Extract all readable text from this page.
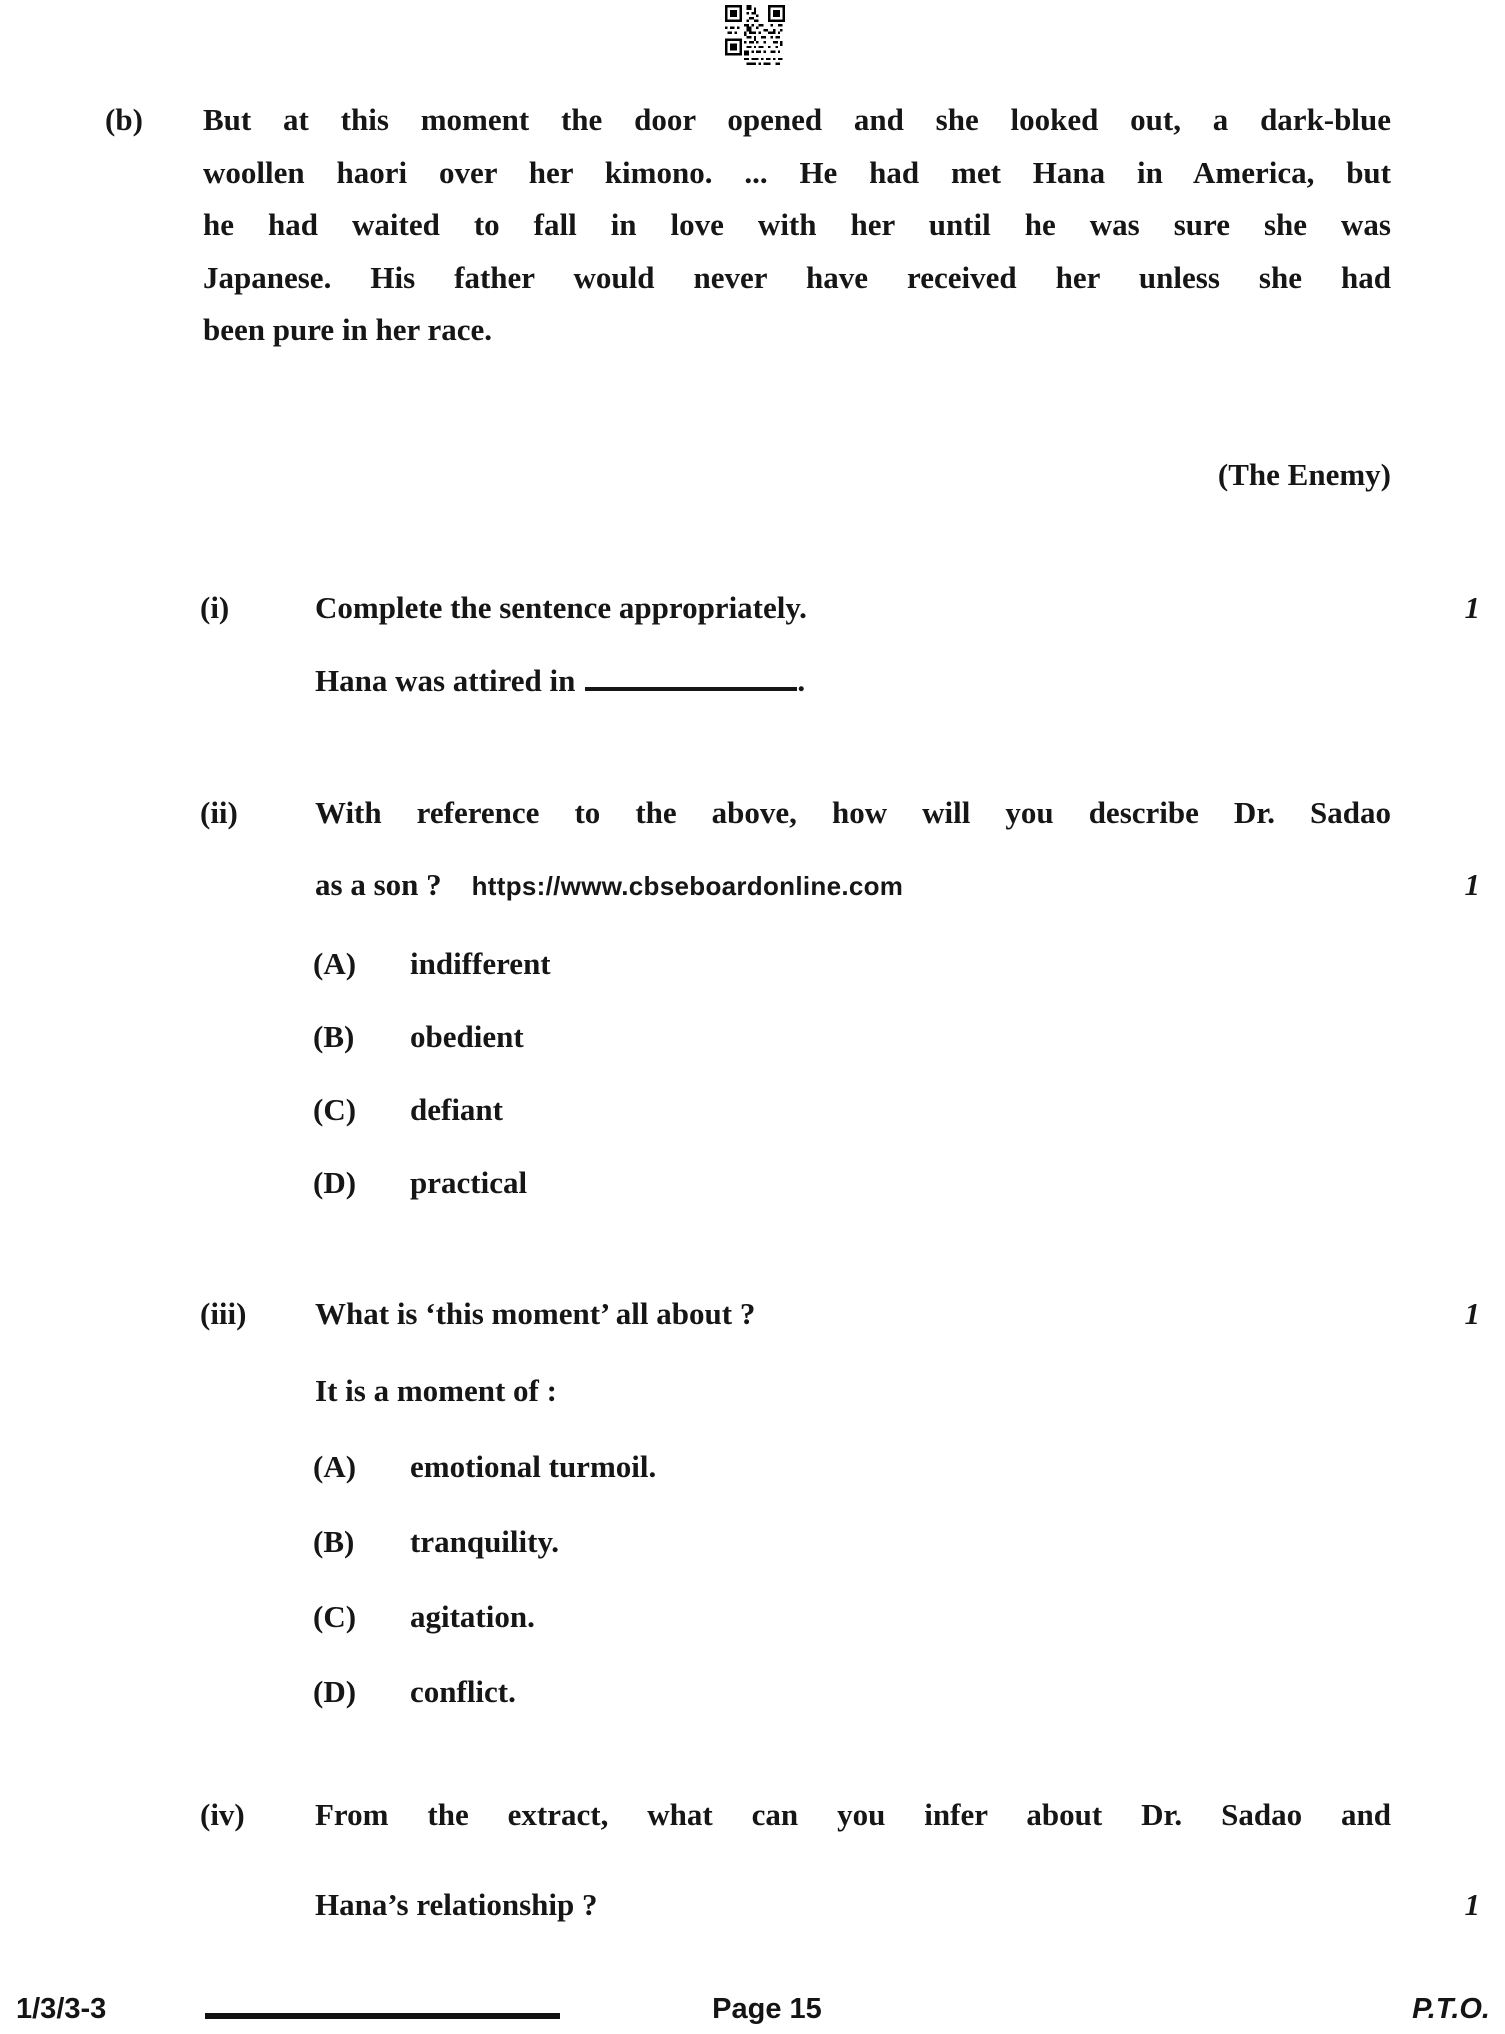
(b) But at this moment the door opened and she looked out, a dark-blue
woollen haori over her kimono. ... He had met Hana in America, but
he had waited to fall in love with her until he was sure she was
Japanese. His father would never have received her unless she had
been pure in her race.
(The Enemy)
(i)	Complete the sentence appropriately.	1
Hana was attired in	.
(ii)	With reference to the above, how will you describe Dr. Sadao
as a son ? https://www.cbseboardonline.com	1
(A) indifferent
(B) obedient
(C) defiant
(D) practical
(iii)	What is ‘this moment’ all about ?	1
It is a moment of :
(A) emotional turmoil.
(B) tranquility.
(C) agitation.
(D) conflict.
(iv)	From the extract, what can you infer about Dr. Sadao and
Hana’s relationship ?	1
1/3/3-3	Page 15	P.T.O.
